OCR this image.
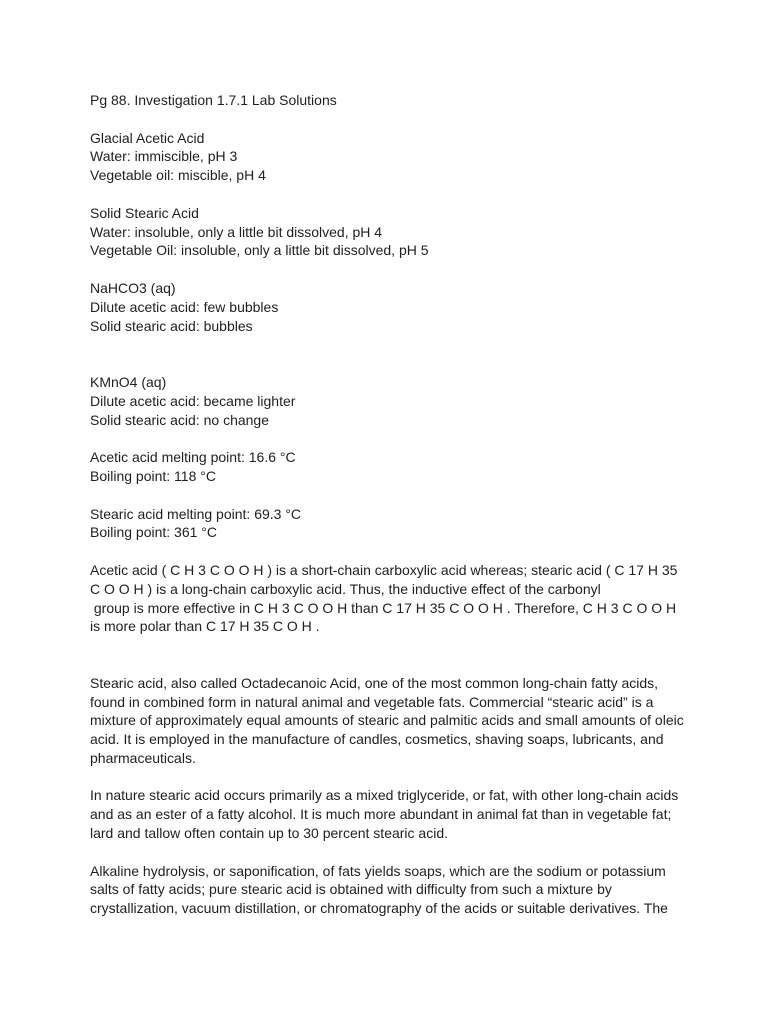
Pg 88. Investigation 1.7.1 Lab Solutions
Glacial Acetic Acid
Water: immiscible, pH 3
Vegetable oil: miscible, pH 4
Solid Stearic Acid
Water: insoluble, only a little bit dissolved, pH 4
Vegetable Oil: insoluble, only a little bit dissolved, pH 5
NaHCO3 (aq)
Dilute acetic acid: few bubbles
Solid stearic acid: bubbles
KMnO4 (aq)
Dilute acetic acid: became lighter
Solid stearic acid: no change
Acetic acid melting point: 16.6 °C
Boiling point: 118 °C
Stearic acid melting point: 69.3 °C
Boiling point: 361 °C
Acetic acid ( C H 3 C O O H ) is a short-chain carboxylic acid whereas; stearic acid ( C 17 H 35
C O O H ) is a long-chain carboxylic acid. Thus, the inductive effect of the carbonyl
group is more effective in C H 3 C O O H than C 17 H 35 C O O H . Therefore, C H 3 C O O H
is more polar than C 17 H 35 C O H .
Stearic acid, also called Octadecanoic Acid, one of the most common long-chain fatty acids,
found in combined form in natural animal and vegetable fats. Commercial “stearic acid” is a
mixture of approximately equal amounts of stearic and palmitic acids and small amounts of oleic
acid. It is employed in the manufacture of candles, cosmetics, shaving soaps, lubricants, and
pharmaceuticals.
In nature stearic acid occurs primarily as a mixed triglyceride, or fat, with other long-chain acids
and as an ester of a fatty alcohol. It is much more abundant in animal fat than in vegetable fat;
lard and tallow often contain up to 30 percent stearic acid.
Alkaline hydrolysis, or saponification, of fats yields soaps, which are the sodium or potassium
salts of fatty acids; pure stearic acid is obtained with difficulty from such a mixture by
crystallization, vacuum distillation, or chromatography of the acids or suitable derivatives. The
